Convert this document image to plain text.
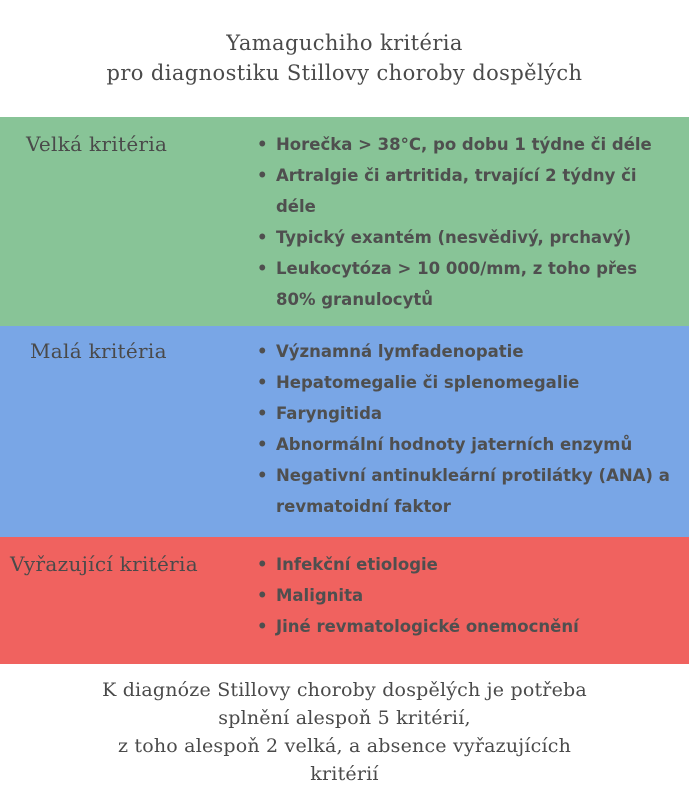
Yamaguchiho kritéria
pro diagnostiku Stillovy choroby dospělých
Velká kritéria	• Horečka > 38°C, po dobu 1 týdne či déle
• Artralgie či artritida, trvající 2 týdny či déle
• Typický exantém (nesvědivý, prchavý)
• Leukocytóza > 10 000/mm, z toho přes 80% granulocytů
Malá kritéria	• Významná lymfadenopatie
• Hepatomegalie či splenomegalie
• Faryngitida
• Abnormální hodnoty jaterních enzymů
• Negativní antinukleární protilátky (ANA) a revmatoidní faktor
Vyřazující kritéria	• Infekční etiologie
• Malignita
• Jiné revmatologické onemocnění
K diagnóze Stillovy choroby dospělých je potřeba
splnění alespoň 5 kritérií,
z toho alespoň 2 velká, a absence vyřazujících
kritérií
